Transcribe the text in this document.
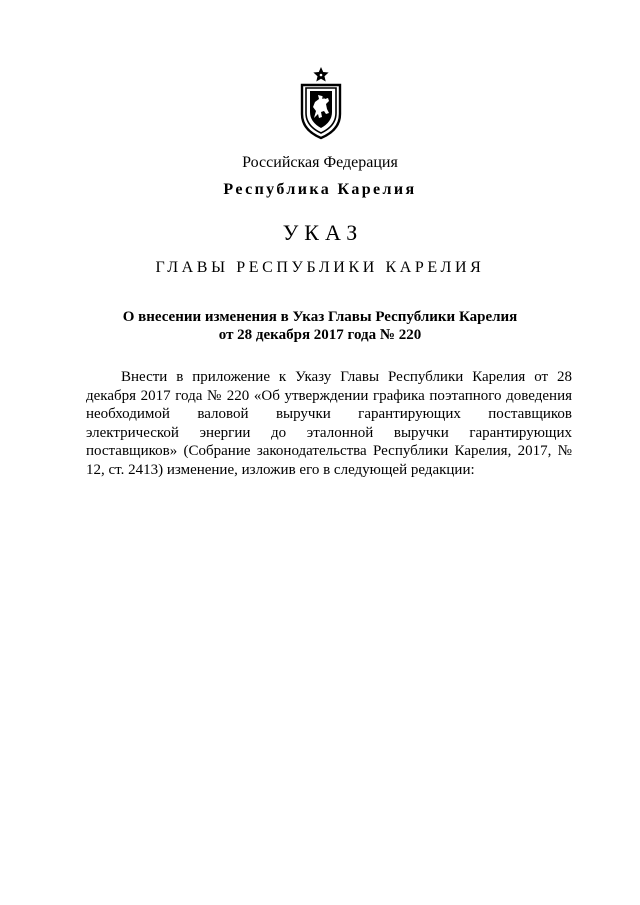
Российская Федерация
Республика Карелия
УКАЗ
ГЛАВЫ РЕСПУБЛИКИ КАРЕЛИЯ
О внесении изменения в Указ Главы Республики Карелия
от 28 декабря 2017 года № 220

Внести в приложение к Указу Главы Республики Карелия от 28 декабря 2017 года № 220 «Об утверждении графика поэтапного доведения необходимой валовой выручки гарантирующих поставщиков электрической энергии до эталонной выручки гарантирующих поставщиков» (Собрание законодательства Республики Карелия, 2017, № 12, ст. 2413) изменение, изложив его в следующей редакции:
